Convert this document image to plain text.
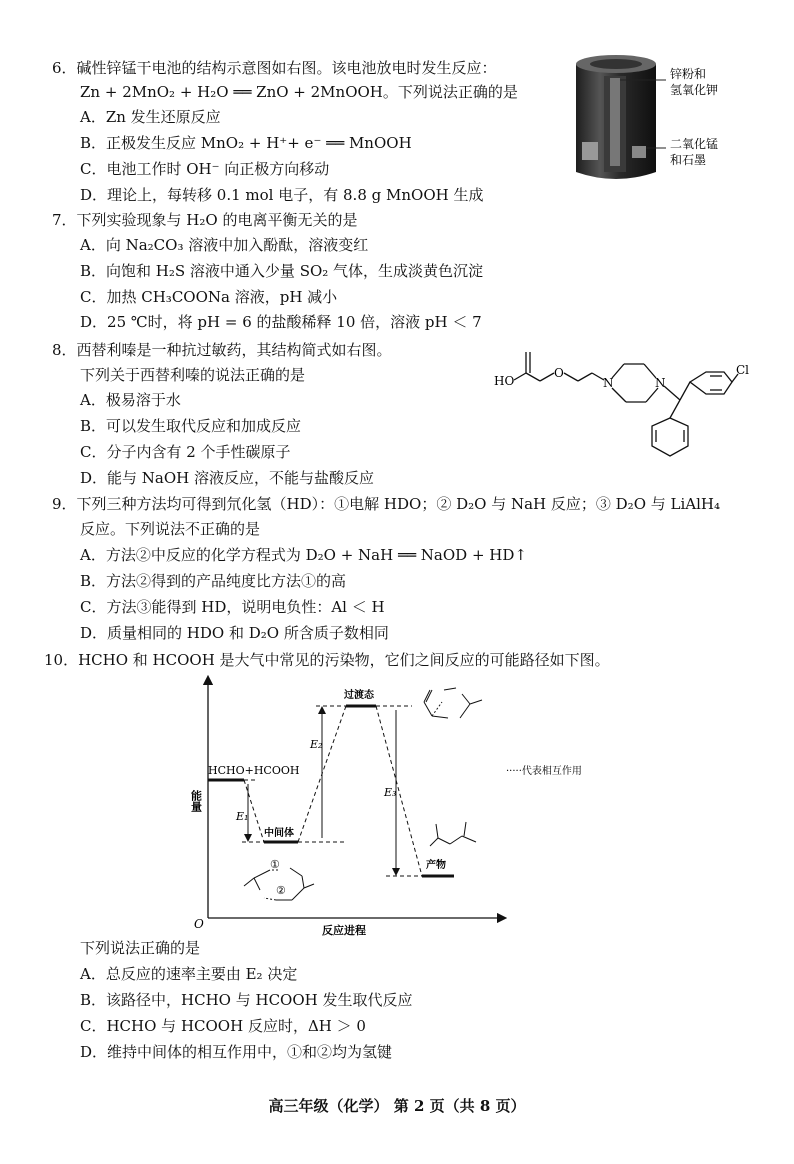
6．碱性锌锰干电池的结构示意图如右图。该电池放电时发生反应：
Zn + 2MnO₂ + H₂O ══ ZnO + 2MnOOH。下列说法正确的是
A．Zn 发生还原反应
B．正极发生反应 MnO₂ + H⁺+ e⁻ ══ MnOOH
C．电池工作时 OH⁻ 向正极方向移动
D．理论上，每转移 0.1 mol 电子，有 8.8 g MnOOH 生成
锌粉和
氢氧化钾
二氧化锰
和石墨
7．下列实验现象与 H₂O 的电离平衡无关的是
A．向 Na₂CO₃ 溶液中加入酚酞，溶液变红
B．向饱和 H₂S 溶液中通入少量 SO₂ 气体，生成淡黄色沉淀
C．加热 CH₃COONa 溶液，pH 减小
D．25 ℃时，将 pH = 6 的盐酸稀释 10 倍，溶液 pH ＜ 7
8．西替利嗪是一种抗过敏药，其结构简式如右图。
下列关于西替利嗪的说法正确的是
A．极易溶于水
B．可以发生取代反应和加成反应
C．分子内含有 2 个手性碳原子
D．能与 NaOH 溶液反应，不能与盐酸反应
HO
O
N	N
Cl
9．下列三种方法均可得到氘化氢（HD）：①电解 HDO；② D₂O 与 NaH 反应；③ D₂O 与 LiAlH₄
反应。下列说法不正确的是
A．方法②中反应的化学方程式为 D₂O + NaH ══ NaOD + HD↑
B．方法②得到的产品纯度比方法①的高
C．方法③能得到 HD，说明电负性：Al ＜ H
D．质量相同的 HDO 和 D₂O 所含质子数相同
10．HCHO 和 HCOOH 是大气中常见的污染物，它们之间反应的可能路径如下图。
能量
反应进程
O
HCHO+HCOOH
中间体
过渡态
产物
E₁
E₂
E₃
①
②
·····代表相互作用
下列说法正确的是
A．总反应的速率主要由 E₂ 决定
B．该路径中，HCHO 与 HCOOH 发生取代反应
C．HCHO 与 HCOOH 反应时，ΔH ＞ 0
D．维持中间体的相互作用中，①和②均为氢键
高三年级（化学） 第 2 页（共 8 页）
